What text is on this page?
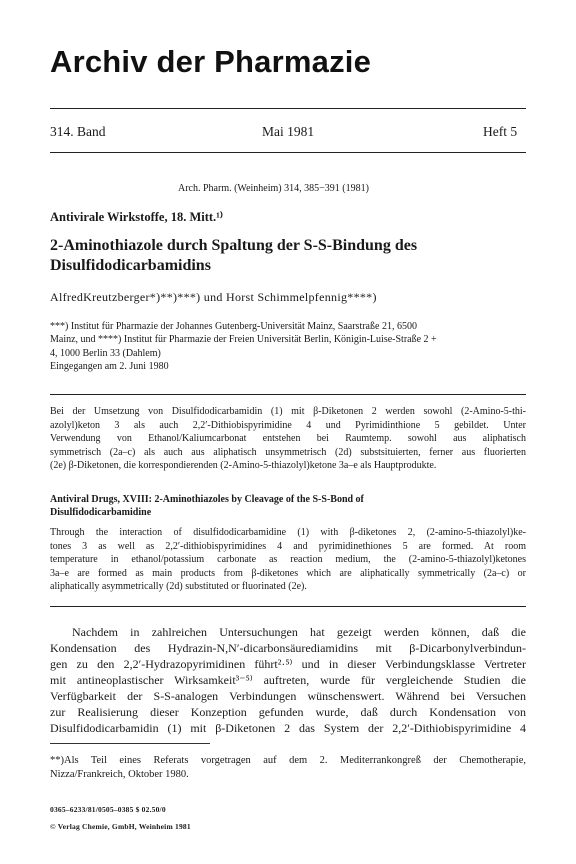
Archiv der Pharmazie
314. Band	Mai 1981	Heft 5
Arch. Pharm. (Weinheim) 314, 385−391 (1981)
Antivirale Wirkstoffe, 18. Mitt.¹⁾
2-Aminothiazole durch Spaltung der S-S-Bindung des
Disulfidodicarbamidins
AlfredKreutzberger*)**)***) und Horst Schimmelpfennig****)
***) Institut für Pharmazie der Johannes Gutenberg-Universität Mainz, Saarstraße 21, 6500
Mainz, und ****) Institut für Pharmazie der Freien Universität Berlin, Königin-Luise-Straße 2 +
4, 1000 Berlin 33 (Dahlem)
Eingegangen am 2. Juni 1980
Bei der Umsetzung von Disulfidodicarbamidin (1) mit β-Diketonen 2 werden sowohl (2-Amino-5-thi-
azolyl)keton 3 als auch 2,2′-Dithiobispyrimidine 4 und Pyrimidinthione 5 gebildet. Unter
Verwendung von Ethanol/Kaliumcarbonat entstehen bei Raumtemp. sowohl aus aliphatisch
symmetrisch (2a–c) als auch aus aliphatisch unsymmetrisch (2d) substsituierten, ferner aus fluorierten
(2e) β-Diketonen, die korrespondierenden (2-Amino-5-thiazolyl)ketone 3a–e als Hauptprodukte.
Antiviral Drugs, XVIII: 2-Aminothiazoles by Cleavage of the S-S-Bond of
Disulfidodicarbamidine
Through the interaction of disulfidodicarbamidine (1) with β-diketones 2, (2-amino-5-thiazolyl)ke-
tones 3 as well as 2,2′-dithiobispyrimidines 4 and pyrimidinethiones 5 are formed. At room
temperature in ethanol/potassium carbonate as reaction medium, the (2-amino-5-thiazolyl)ketones
3a–e are formed as main products from β-diketones which are aliphatically symmetrically (2a–c) or
aliphatically asymmetrically (2d) substituted or fluorinated (2e).
Nachdem in zahlreichen Untersuchungen hat gezeigt werden können, daß die
Kondensation des Hydrazin-N,N′-dicarbonsäurediamidins mit β-Dicarbonylverbindun-
gen zu den 2,2′-Hydrazopyrimidinen führt²·⁵⁾ und in dieser Verbindungsklasse Vertreter
mit antineoplastischer Wirksamkeit³⁻⁵⁾ auftreten, wurde für vergleichende Studien die
Verfügbarkeit der S-S-analogen Verbindungen wünschenswert. Während bei Versuchen
zur Realisierung dieser Konzeption gefunden wurde, daß durch Kondensation von
Disulfidodicarbamidin (1) mit β-Diketonen 2 das System der 2,2′-Dithiobispyrimidine 4
**)Als Teil eines Referats vorgetragen auf dem 2. Mediterrankongreß der Chemotherapie,
Nizza/Frankreich, Oktober 1980.
0365–6233/81/0505–0385 $ 02.50/0
© Verlag Chemie, GmbH, Weinheim 1981
